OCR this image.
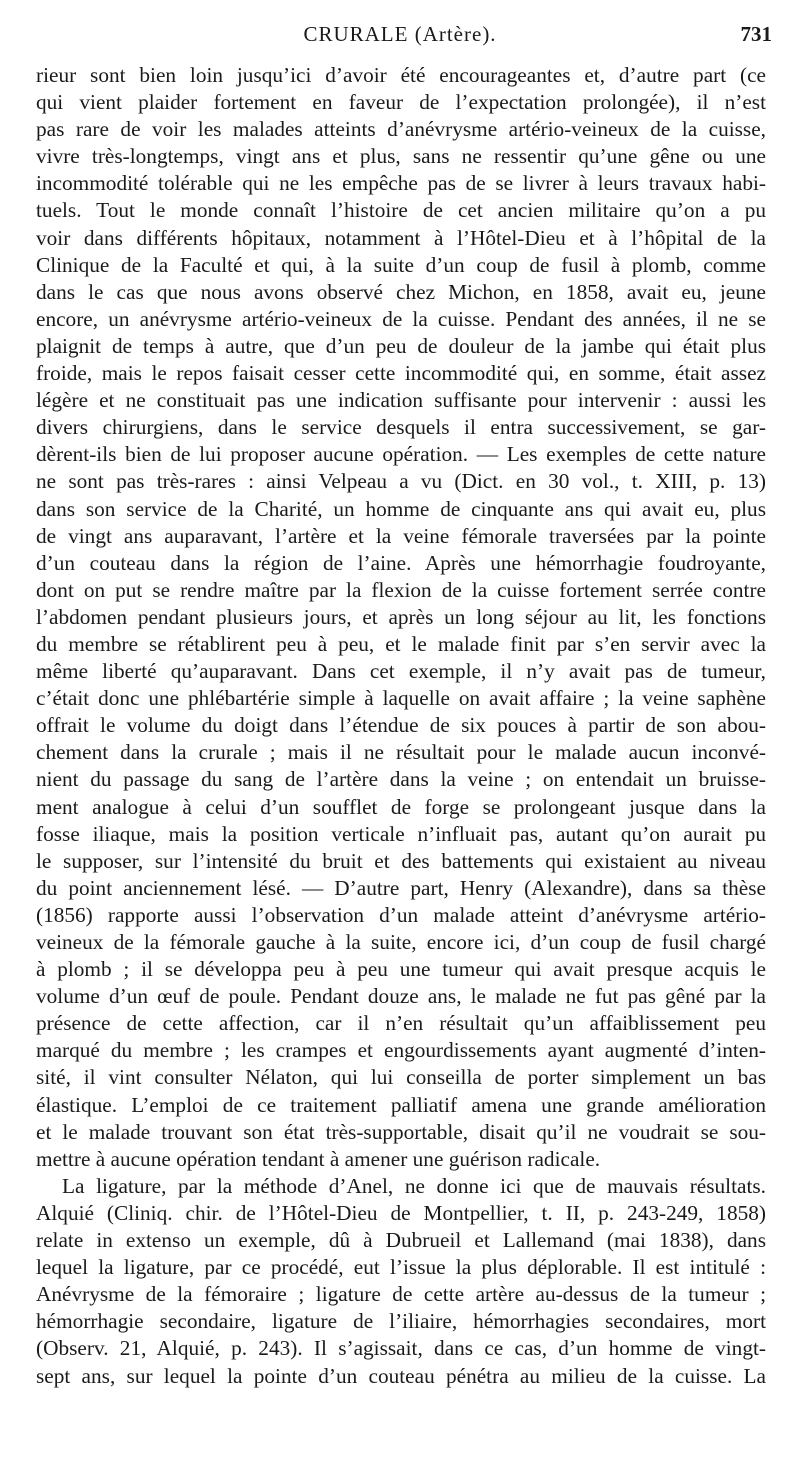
CRURALE (Artère).	731
rieur sont bien loin jusqu’ici d’avoir été encourageantes et, d’autre part (ce
qui vient plaider fortement en faveur de l’expectation prolongée), il n’est
pas rare de voir les malades atteints d’anévrysme artério-veineux de la cuisse,
vivre très-longtemps, vingt ans et plus, sans ne ressentir qu’une gêne ou une
incommodité tolérable qui ne les empêche pas de se livrer à leurs travaux habi-
tuels. Tout le monde connaît l’histoire de cet ancien militaire qu’on a pu
voir dans différents hôpitaux, notamment à l’Hôtel-Dieu et à l’hôpital de la
Clinique de la Faculté et qui, à la suite d’un coup de fusil à plomb, comme
dans le cas que nous avons observé chez Michon, en 1858, avait eu, jeune
encore, un anévrysme artério-veineux de la cuisse. Pendant des années, il ne se
plaignit de temps à autre, que d’un peu de douleur de la jambe qui était plus
froide, mais le repos faisait cesser cette incommodité qui, en somme, était assez
légère et ne constituait pas une indication suffisante pour intervenir : aussi les
divers chirurgiens, dans le service desquels il entra successivement, se gar-
dèrent-ils bien de lui proposer aucune opération. — Les exemples de cette nature
ne sont pas très-rares : ainsi Velpeau a vu (Dict. en 30 vol., t. XIII, p. 13)
dans son service de la Charité, un homme de cinquante ans qui avait eu, plus
de vingt ans auparavant, l’artère et la veine fémorale traversées par la pointe
d’un couteau dans la région de l’aine. Après une hémorrhagie foudroyante,
dont on put se rendre maître par la flexion de la cuisse fortement serrée contre
l’abdomen pendant plusieurs jours, et après un long séjour au lit, les fonctions
du membre se rétablirent peu à peu, et le malade finit par s’en servir avec la
même liberté qu’auparavant. Dans cet exemple, il n’y avait pas de tumeur,
c’était donc une phlébartérie simple à laquelle on avait affaire ; la veine saphène
offrait le volume du doigt dans l’étendue de six pouces à partir de son abou-
chement dans la crurale ; mais il ne résultait pour le malade aucun inconvé-
nient du passage du sang de l’artère dans la veine ; on entendait un bruisse-
ment analogue à celui d’un soufflet de forge se prolongeant jusque dans la
fosse iliaque, mais la position verticale n’influait pas, autant qu’on aurait pu
le supposer, sur l’intensité du bruit et des battements qui existaient au niveau
du point anciennement lésé. — D’autre part, Henry (Alexandre), dans sa thèse
(1856) rapporte aussi l’observation d’un malade atteint d’anévrysme artério-
veineux de la fémorale gauche à la suite, encore ici, d’un coup de fusil chargé
à plomb ; il se développa peu à peu une tumeur qui avait presque acquis le
volume d’un œuf de poule. Pendant douze ans, le malade ne fut pas gêné par la
présence de cette affection, car il n’en résultait qu’un affaiblissement peu
marqué du membre ; les crampes et engourdissements ayant augmenté d’inten-
sité, il vint consulter Nélaton, qui lui conseilla de porter simplement un bas
élastique. L’emploi de ce traitement palliatif amena une grande amélioration
et le malade trouvant son état très-supportable, disait qu’il ne voudrait se sou-
mettre à aucune opération tendant à amener une guérison radicale.
La ligature, par la méthode d’Anel, ne donne ici que de mauvais résultats.
Alquié (Cliniq. chir. de l’Hôtel-Dieu de Montpellier, t. II, p. 243-249, 1858)
relate in extenso un exemple, dû à Dubrueil et Lallemand (mai 1838), dans
lequel la ligature, par ce procédé, eut l’issue la plus déplorable. Il est intitulé :
Anévrysme de la fémoraire ; ligature de cette artère au-dessus de la tumeur ;
hémorrhagie secondaire, ligature de l’iliaire, hémorrhagies secondaires, mort
(Observ. 21, Alquié, p. 243). Il s’agissait, dans ce cas, d’un homme de vingt-
sept ans, sur lequel la pointe d’un couteau pénétra au milieu de la cuisse. La
